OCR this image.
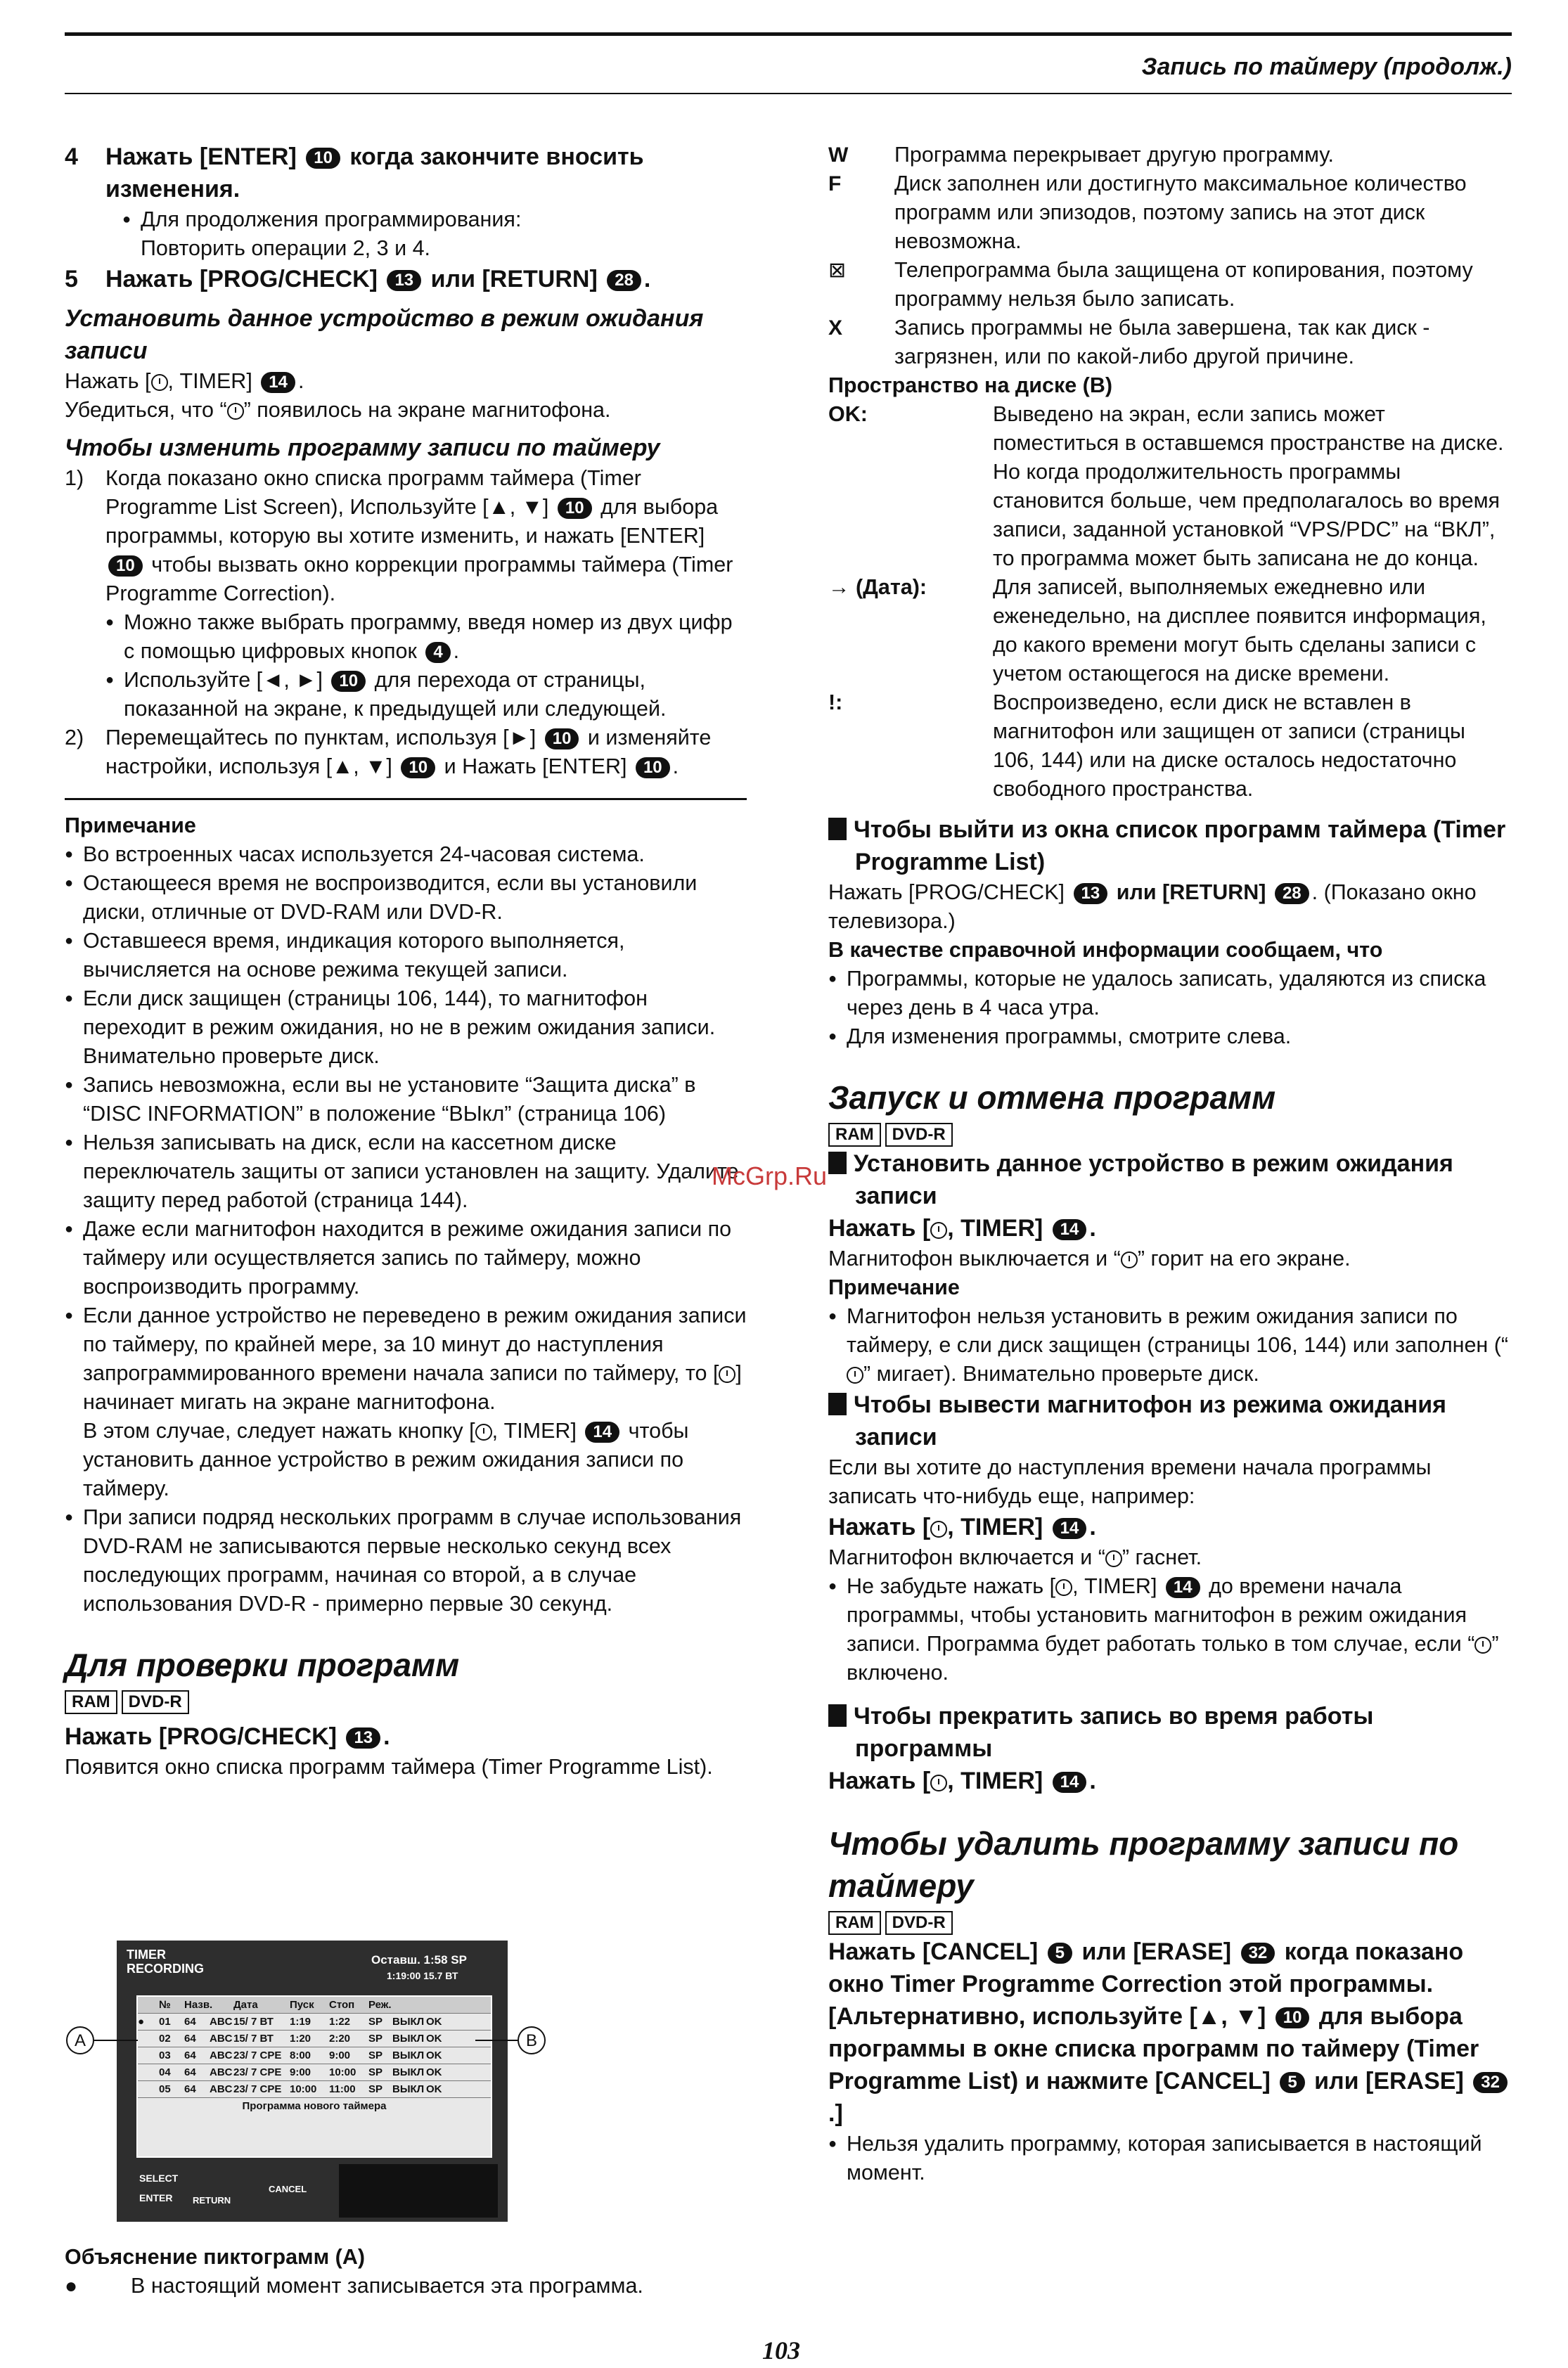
Запись по таймеру (продолж.)
4	Нажать [ENTER] 10 когда закончите вносить
изменения.
● Для продолжения программирования:
Повторить операции 2, 3 и 4.
5	Нажать [PROG/CHECK] 13 или [RETURN] 28 .
Установить данное устройство в режим ожидания записи
Нажать [ , TIMER] 14 .
Убедиться, что “ ” появилось на экране магнитофона.
Чтобы изменить программу записи по таймеру
1)	Когда показано окно списка программ таймера (Timer Programme List Screen), Используйте [▲, ▼] 10 для выбора программы, которую вы хотите изменить, и нажать [ENTER] 10 чтобы вызвать окно коррекции программы таймера (Timer Programme Correction).
● Можно также выбрать программу, введя номер из двух цифр с помощью цифровых кнопок 4 .
● Используйте [◄, ►] 10 для перехода от страницы, показанной на экране, к предыдущей или следующей.
2)	Перемещайтесь по пунктам, используя [►] 10 и изменяйте настройки, используя [▲, ▼] 10 и Нажать [ENTER] 10 .
Примечание
● Во встроенных часах используется 24-часовая система.
● Остающееся время не воспроизводится, если вы установили диски, отличные от DVD-RAM или DVD-R.
● Оставшееся время, индикация которого выполняется, вычисляется на основе режима текущей записи.
● Если диск защищен (страницы 106, 144), то магнитофон переходит в режим ожидания, но не в режим ожидания записи. Внимательно проверьте диск.
● Запись невозможна, если вы не установите “Защита диска” в “DISC INFORMATION” в положение “ВЫкл” (страница 106)
● Нельзя записывать на диск, если на кассетном диске переключатель защиты от записи установлен на защиту. Удалите защиту перед работой (страница 144).
● Даже если магнитофон находится в режиме ожидания записи по таймеру или осуществляется запись по таймеру, можно воспроизводить программу.
● Если данное устройство не переведено в режим ожидания записи по таймеру, по крайней мере, за 10 минут до наступления запрограммированного времени начала записи по таймеру, то [ ] начинает мигать на экране магнитофона.
В этом случае, следует нажать кнопку [ , TIMER] 14 чтобы установить данное устройство в режим ожидания записи по таймеру.
● При записи подряд нескольких программ в случае использования DVD-RAM не записываются первые несколько секунд всех последующих программ, начиная со второй, а в случае использования DVD-R - примерно первые 30 секунд.
Для проверки программ
RAM DVD-R
Нажать [PROG/CHECK] 13 .
Появится окно списка программ таймера (Timer Programme List).
TIMER
RECORDING
Оставш. 1:58 SP
1:19:00 15.7 ВТ
№	Назв.	Дата	Пуск	Стоп	Реж.
●	01	64	ABC 15/ 7 ВТ	1:19	1:22	SP ВЫКЛ OK
02	64	ABC 15/ 7 ВТ	1:20	2:20	SP ВЫКЛ OK
03	64	ABC 23/ 7 СРЕ 8:00	9:00	SP ВЫКЛ OK
04	64	ABC 23/ 7 СРЕ 9:00	10:00	SP ВЫКЛ OK
05	64	ABC 23/ 7 СРЕ 10:00	11:00	SP ВЫКЛ OK
Программа нового таймера
SELECT
ENTER RETURN
CANCEL
A	B
Объяснение пиктограмм (A)
●	В настоящий момент записывается эта программа.
W	Программа перекрывает другую программу.
F	Диск заполнен или достигнуто максимальное количество программ или эпизодов, поэтому запись на этот диск невозможна.
⊠	Телепрограмма была защищена от копирования, поэтому программу нельзя было записать.
X	Запись программы не была завершена, так как диск - загрязнен, или по какой-либо другой причине.
Пространство на диске (B)
OK:	Выведено на экран, если запись может поместиться в оставшемся пространстве на диске. Но когда продолжительность программы становится больше, чем предполагалось во время записи, заданной установкой “VPS/PDC” на “ВКЛ”, то программа может быть записана не до конца.
→ (Дата):	Для записей, выполняемых ежедневно или еженедельно, на дисплее появится информация, до какого времени могут быть сделаны записи с учетом остающегося на диске времени.
!:	Воспроизведено, если диск не вставлен в магнитофон или защищен от записи (страницы 106, 144) или на диске осталось недостаточно свободного пространства.
Чтобы выйти из окна список программ таймера (Timer Programme List)
Нажать [PROG/CHECK] 13 или [RETURN] 28 . (Показано окно телевизора.)
В качестве справочной информации сообщаем, что
● Программы, которые не удалось записать, удаляются из списка через день в 4 часа утра.
● Для изменения программы, смотрите слева.
Запуск и отмена программ
RAM DVD-R
Установить данное устройство в режим ожидания записи
Нажать [ , TIMER] 14 .
Магнитофон выключается и “ ” горит на его экране.
Примечание
● Магнитофон нельзя установить в режим ожидания записи по таймеру, е сли диск защищен (страницы 106, 144) или заполнен (“” мигает). Внимательно проверьте диск.
Чтобы вывести магнитофон из режима ожидания записи
Если вы хотите до наступления времени начала программы записать что-нибудь еще, например:
Нажать [ , TIMER] 14 .
Магнитофон включается и “ ” гаснет.
● Не забудьте нажать [ , TIMER] 14 до времени начала программы, чтобы установить магнитофон в режим ожидания записи. Программа будет работать только в том случае, если “ ” включено.
Чтобы прекратить запись во время работы программы
Нажать [ , TIMER] 14 .
Чтобы удалить программу записи по таймеру
RAM DVD-R
Нажать [CANCEL] 5 или [ERASE] 32 когда показано окно Timer Programme Correction этой программы. [Альтернативно, используйте [▲, ▼] 10 для выбора программы в окне списка программ по таймеру (Timer Programme List) и нажмите [CANCEL] 5 или [ERASE] 32.]
● Нельзя удалить программу, которая записывается в настоящий момент.
McGrp.Ru
103
